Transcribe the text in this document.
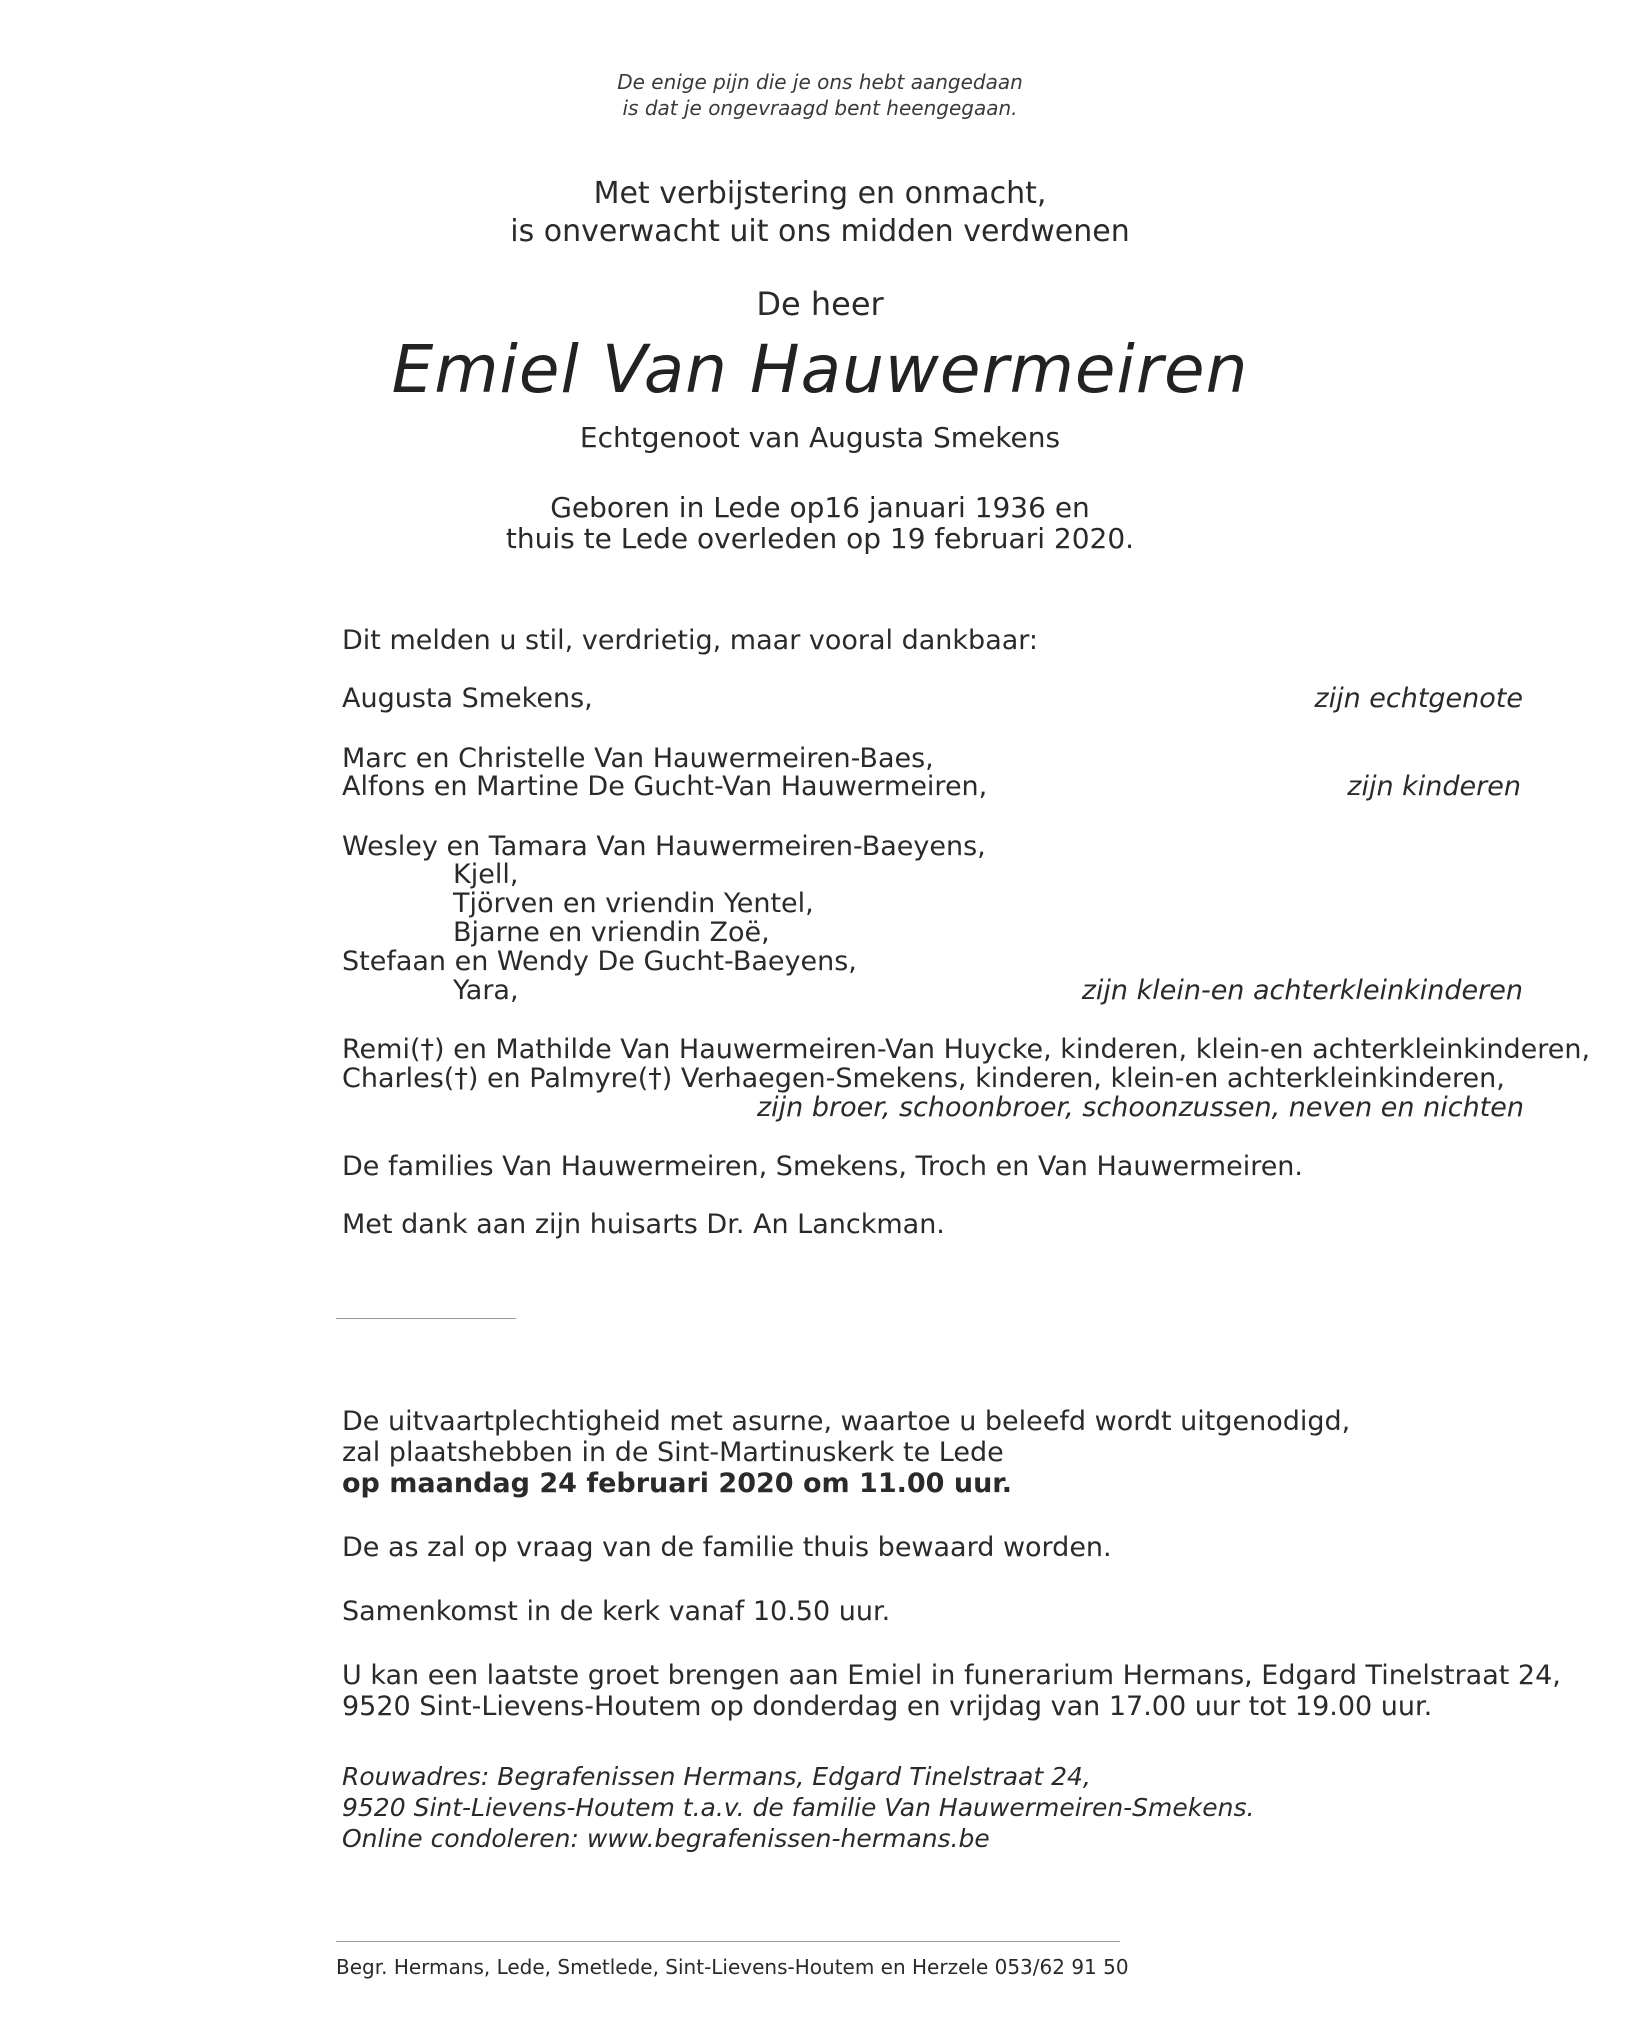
De enige pijn die je ons hebt aangedaan
is dat je ongevraagd bent heengegaan.
Met verbijstering en onmacht,
is onverwacht uit ons midden verdwenen
De heer
Emiel Van Hauwermeiren
Echtgenoot van Augusta Smekens
Geboren in Lede op16 januari 1936 en
thuis te Lede overleden op 19 februari 2020.
Dit melden u stil, verdrietig, maar vooral dankbaar:
Augusta Smekens,	zijn echtgenote
Marc en Christelle Van Hauwermeiren-Baes,
Alfons en Martine De Gucht-Van Hauwermeiren,	zijn kinderen
Wesley en Tamara Van Hauwermeiren-Baeyens,
Kjell,
Tjörven en vriendin Yentel,
Bjarne en vriendin Zoë,
Stefaan en Wendy De Gucht-Baeyens,
Yara,	zijn klein-en achterkleinkinderen
Remi(†) en Mathilde Van Hauwermeiren-Van Huycke, kinderen, klein-en achterkleinkinderen,
Charles(†) en Palmyre(†) Verhaegen-Smekens, kinderen, klein-en achterkleinkinderen,
zijn broer, schoonbroer, schoonzussen, neven en nichten
De families Van Hauwermeiren, Smekens, Troch en Van Hauwermeiren.
Met dank aan zijn huisarts Dr. An Lanckman.
De uitvaartplechtigheid met asurne, waartoe u beleefd wordt uitgenodigd,
zal plaatshebben in de Sint-Martinuskerk te Lede
op maandag 24 februari 2020 om 11.00 uur.
De as zal op vraag van de familie thuis bewaard worden.
Samenkomst in de kerk vanaf 10.50 uur.
U kan een laatste groet brengen aan Emiel in funerarium Hermans, Edgard Tinelstraat 24,
9520 Sint-Lievens-Houtem op donderdag en vrijdag van 17.00 uur tot 19.00 uur.
Rouwadres: Begrafenissen Hermans, Edgard Tinelstraat 24,
9520 Sint-Lievens-Houtem t.a.v. de familie Van Hauwermeiren-Smekens.
Online condoleren: www.begrafenissen-hermans.be
Begr. Hermans, Lede, Smetlede, Sint-Lievens-Houtem en Herzele 053/62 91 50
